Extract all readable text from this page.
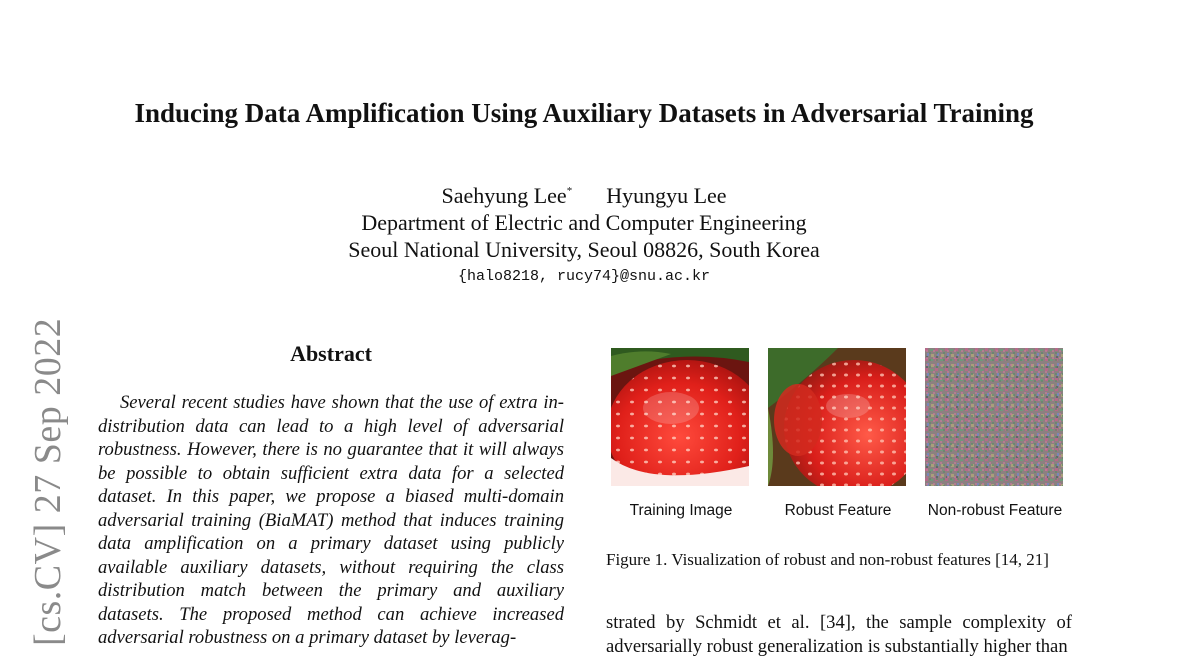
Inducing Data Amplification Using Auxiliary Datasets in Adversarial Training
Saehyung Lee* Hyungyu Lee
Department of Electric and Computer Engineering
Seoul National University, Seoul 08826, South Korea
{halo8218, rucy74}@snu.ac.kr
[cs.CV] 27 Sep 2022	Abstract

Several recent studies have shown that the use of extra in-distribution data can lead to a high level of adversarial robustness. However, there is no guarantee that it will always be possible to obtain sufficient extra data for a selected dataset. In this paper, we propose a biased multi-domain adversarial training (BiaMAT) method that induces training data amplification on a primary dataset using publicly available auxiliary datasets, without requiring the class distribution match between the primary and auxiliary datasets. The proposed method can achieve increased adversarial robustness on a primary dataset by leverag-

Training Image	Robust Feature	Non-robust Feature
Figure 1. Visualization of robust and non-robust features [14, 21]

strated by Schmidt et al. [34], the sample complexity of adversarially robust generalization is substantially higher than
